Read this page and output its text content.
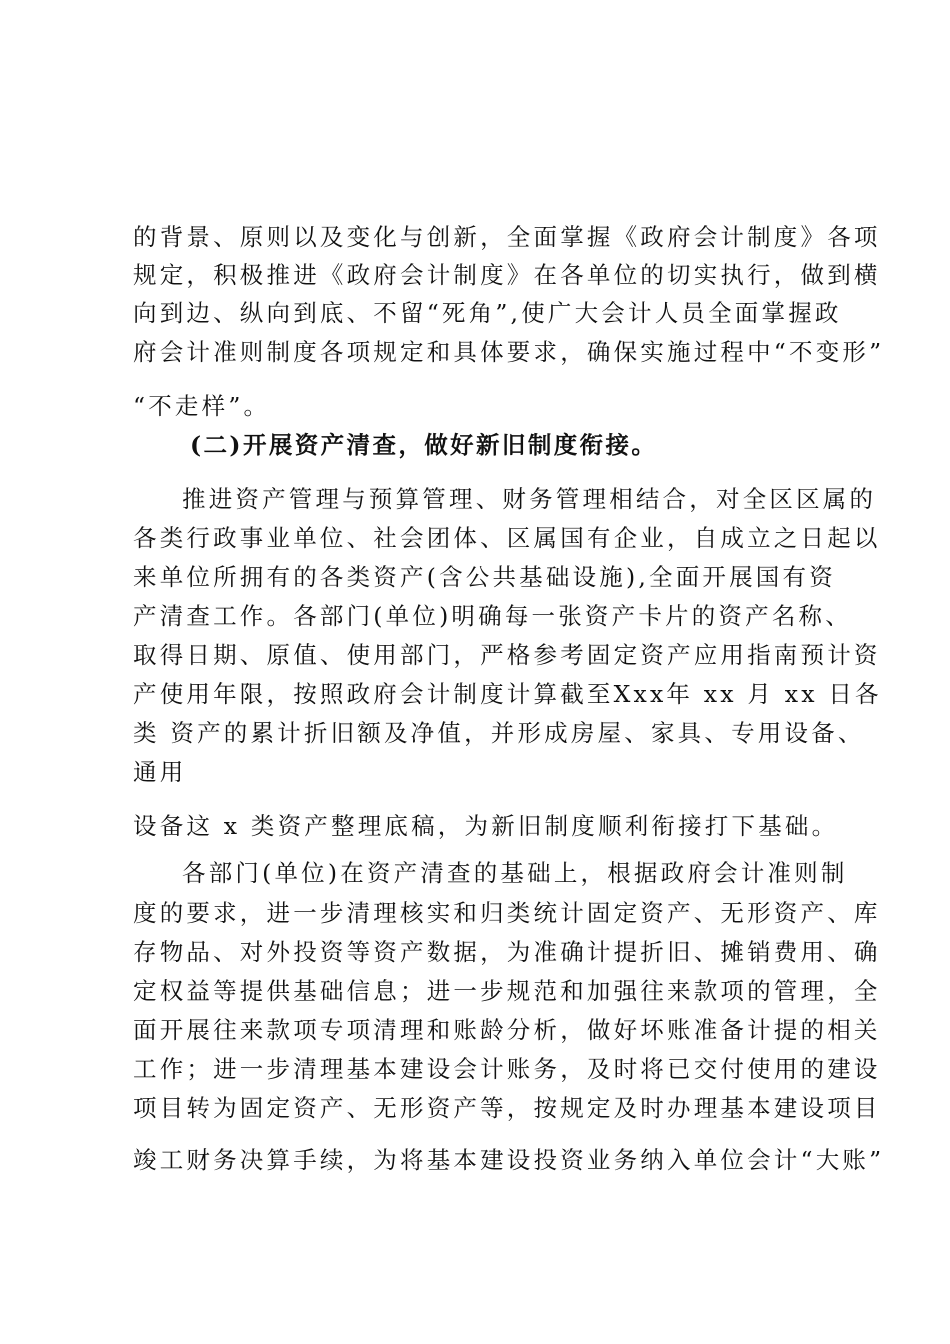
的背景、原则以及变化与创新，全面掌握《政府会计制度》各项
规定，积极推进《政府会计制度》在各单位的切实执行，做到横
向到边、纵向到底、不留“死角”,使广大会计人员全面掌握政
府会计准则制度各项规定和具体要求，确保实施过程中“不变形”
“不走样”。
(二)开展资产清查，做好新旧制度衔接。
推进资产管理与预算管理、财务管理相结合，对全区区属的
各类行政事业单位、社会团体、区属国有企业，自成立之日起以
来单位所拥有的各类资产(含公共基础设施),全面开展国有资
产清查工作。各部门(单位)明确每一张资产卡片的资产名称、
取得日期、原值、使用部门，严格参考固定资产应用指南预计资
产使用年限，按照政府会计制度计算截至Xxx年 xx 月 xx 日各
类 资产的累计折旧额及净值，并形成房屋、家具、专用设备、
通用
设备这 x 类资产整理底稿，为新旧制度顺利衔接打下基础。
各部门(单位)在资产清查的基础上，根据政府会计准则制
度的要求，进一步清理核实和归类统计固定资产、无形资产、库
存物品、对外投资等资产数据，为准确计提折旧、摊销费用、确
定权益等提供基础信息；进一步规范和加强往来款项的管理，全
面开展往来款项专项清理和账龄分析，做好坏账准备计提的相关
工作；进一步清理基本建设会计账务，及时将已交付使用的建设
项目转为固定资产、无形资产等，按规定及时办理基本建设项目
竣工财务决算手续，为将基本建设投资业务纳入单位会计“大账”
